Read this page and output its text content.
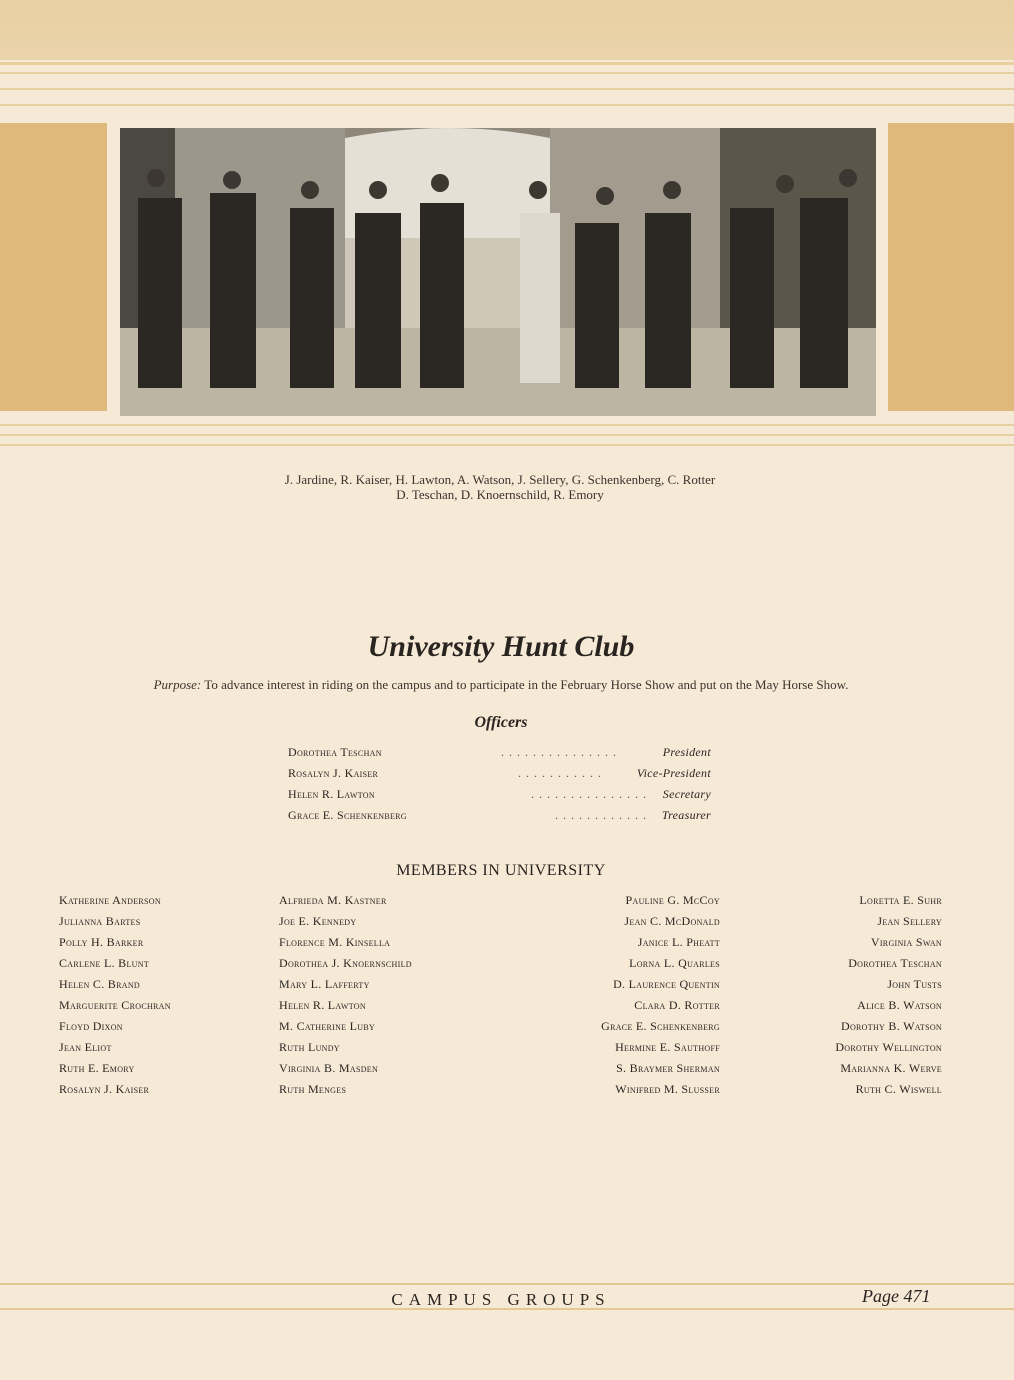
J. Jardine, R. Kaiser, H. Lawton, A. Watson, J. Sellery, G. Schenkenberg, C. Rotter
D. Teschan, D. Knoernschild, R. Emory
University Hunt Club
Purpose: To advance interest in riding on the campus and to participate in the February Horse Show and put on the May Horse Show.
Officers
Dorothea Teschan	...............	President
Rosalyn J. Kaiser	...........	Vice-President
Helen R. Lawton	............... Secretary
Grace E. Schenkenberg	............ Treasurer
MEMBERS IN UNIVERSITY
Katherine Anderson
Julianna Bartes
Polly H. Barker
Carlene L. Blunt
Helen C. Brand
Marguerite Crochran
Floyd Dixon
Jean Eliot
Ruth E. Emory
Rosalyn J. Kaiser
Alfrieda M. Kastner
Joe E. Kennedy
Florence M. Kinsella
Dorothea J. Knoernschild
Mary L. Lafferty
Helen R. Lawton
M. Catherine Luby
Ruth Lundy
Virginia B. Masden
Ruth Menges
Pauline G. McCoy
Jean C. McDonald
Janice L. Pheatt
Lorna L. Quarles
D. Laurence Quentin
Clara D. Rotter
Grace E. Schenkenberg
Hermine E. Sauthoff
S. Braymer Sherman
Winifred M. Slusser
Loretta E. Suhr
Jean Sellery
Virginia Swan
Dorothea Teschan
John Tusts
Alice B. Watson
Dorothy B. Watson
Dorothy Wellington
Marianna K. Werve
Ruth C. Wiswell
CAMPUS GROUPS	Page 471
